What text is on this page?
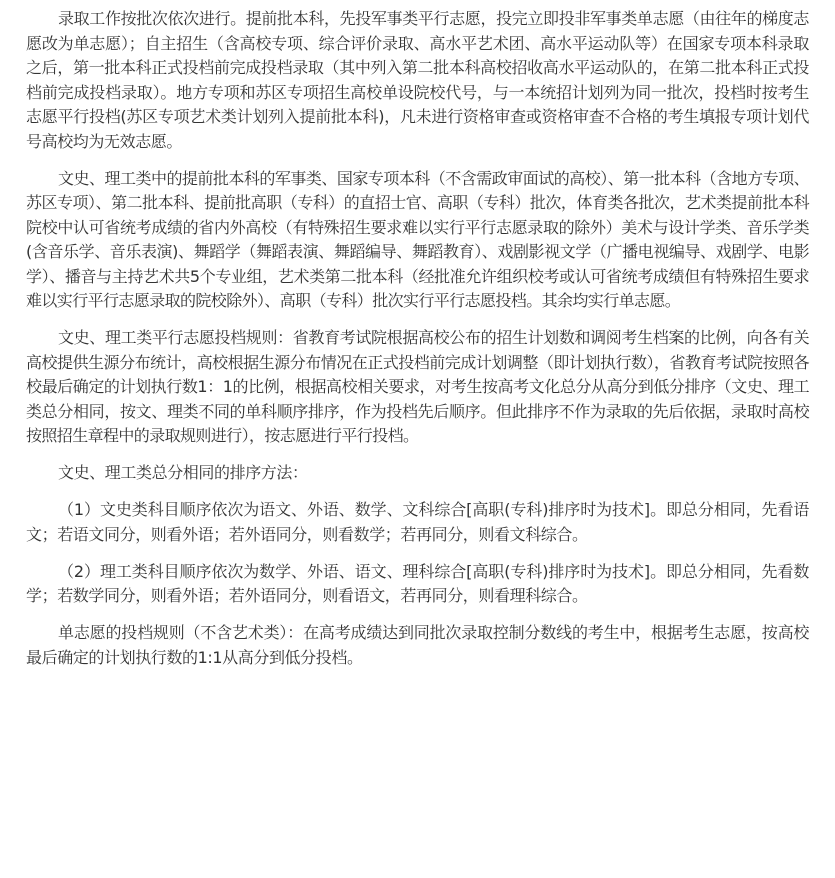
录取工作按批次依次进行。提前批本科，先投军事类平行志愿，投完立即投非军事类单志愿（由往年的梯度志愿改为单志愿）；自主招生（含高校专项、综合评价录取、高水平艺术团、高水平运动队等）在国家专项本科录取之后，第一批本科正式投档前完成投档录取（其中列入第二批本科高校招收高水平运动队的，在第二批本科正式投档前完成投档录取）。地方专项和苏区专项招生高校单设院校代号，与一本统招计划列为同一批次，投档时按考生志愿平行投档(苏区专项艺术类计划列入提前批本科)，凡未进行资格审查或资格审查不合格的考生填报专项计划代号高校均为无效志愿。

文史、理工类中的提前批本科的军事类、国家专项本科（不含需政审面试的高校）、第一批本科（含地方专项、苏区专项）、第二批本科、提前批高职（专科）的直招士官、高职（专科）批次，体育类各批次，艺术类提前批本科院校中认可省统考成绩的省内外高校（有特殊招生要求难以实行平行志愿录取的除外）美术与设计学类、音乐学类(含音乐学、音乐表演)、舞蹈学（舞蹈表演、舞蹈编导、舞蹈教育）、戏剧影视文学（广播电视编导、戏剧学、电影学）、播音与主持艺术共5个专业组，艺术类第二批本科（经批准允许组织校考或认可省统考成绩但有特殊招生要求难以实行平行志愿录取的院校除外）、高职（专科）批次实行平行志愿投档。其余均实行单志愿。

文史、理工类平行志愿投档规则：省教育考试院根据高校公布的招生计划数和调阅考生档案的比例，向各有关高校提供生源分布统计，高校根据生源分布情况在正式投档前完成计划调整（即计划执行数），省教育考试院按照各校最后确定的计划执行数1：1的比例，根据高校相关要求，对考生按高考文化总分从高分到低分排序（文史、理工类总分相同，按文、理类不同的单科顺序排序，作为投档先后顺序。但此排序不作为录取的先后依据，录取时高校按照招生章程中的录取规则进行），按志愿进行平行投档。

文史、理工类总分相同的排序方法：

（1）文史类科目顺序依次为语文、外语、数学、文科综合[高职(专科)排序时为技术]。即总分相同，先看语文；若语文同分，则看外语；若外语同分，则看数学；若再同分，则看文科综合。

（2）理工类科目顺序依次为数学、外语、语文、理科综合[高职(专科)排序时为技术]。即总分相同，先看数学；若数学同分，则看外语；若外语同分，则看语文，若再同分，则看理科综合。

单志愿的投档规则（不含艺术类）：在高考成绩达到同批次录取控制分数线的考生中，根据考生志愿，按高校最后确定的计划执行数的1:1从高分到低分投档。
